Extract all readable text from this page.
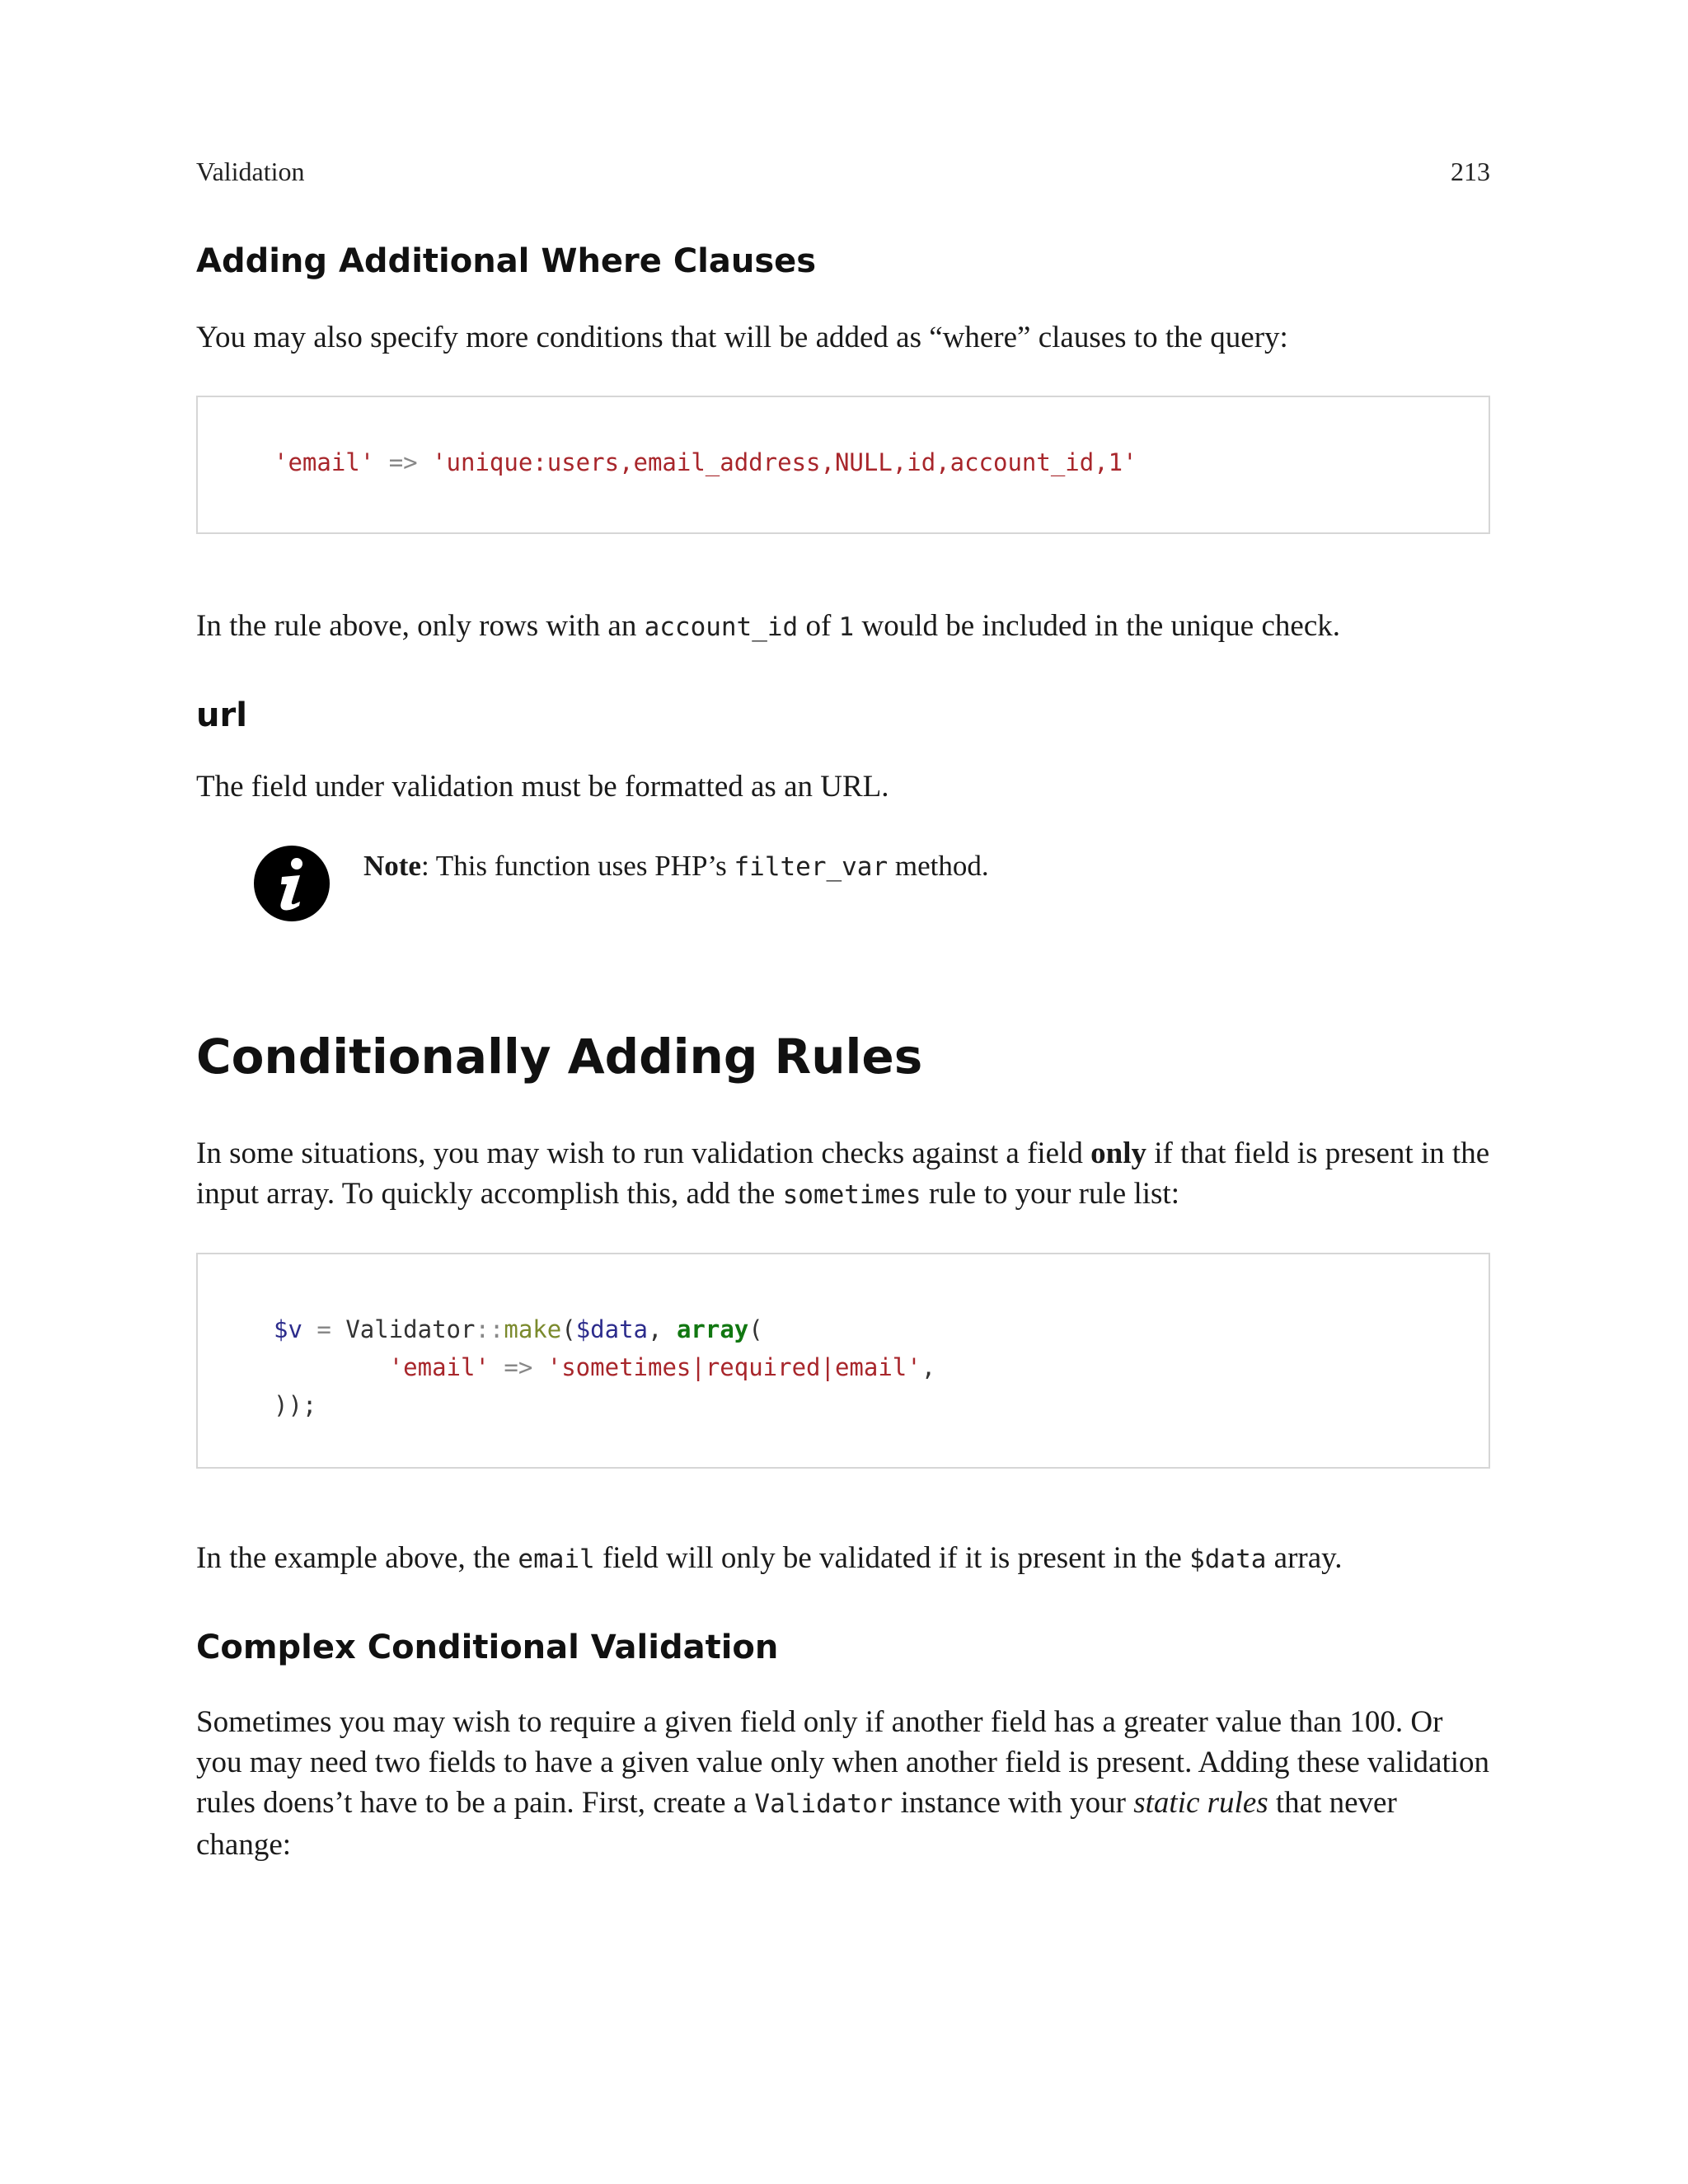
Validation	213
Adding Additional Where Clauses

You may also specify more conditions that will be added as “where” clauses to the query:

'email' => 'unique:users,email_address,NULL,id,account_id,1'

In the rule above, only rows with an account_id of 1 would be included in the unique check.

url

The field under validation must be formatted as an URL.

Note: This function uses PHP’s filter_var method.
Conditionally Adding Rules

In some situations, you may wish to run validation checks against a field only if that field is present in the input array. To quickly accomplish this, add the sometimes rule to your rule list:

$v = Validator::make($data, array(
'email' => 'sometimes|required|email',
));

In the example above, the email field will only be validated if it is present in the $data array.

Complex Conditional Validation

Sometimes you may wish to require a given field only if another field has a greater value than 100. Or you may need two fields to have a given value only when another field is present. Adding these validation rules doens’t have to be a pain. First, create a Validator instance with your static rules that never change:
